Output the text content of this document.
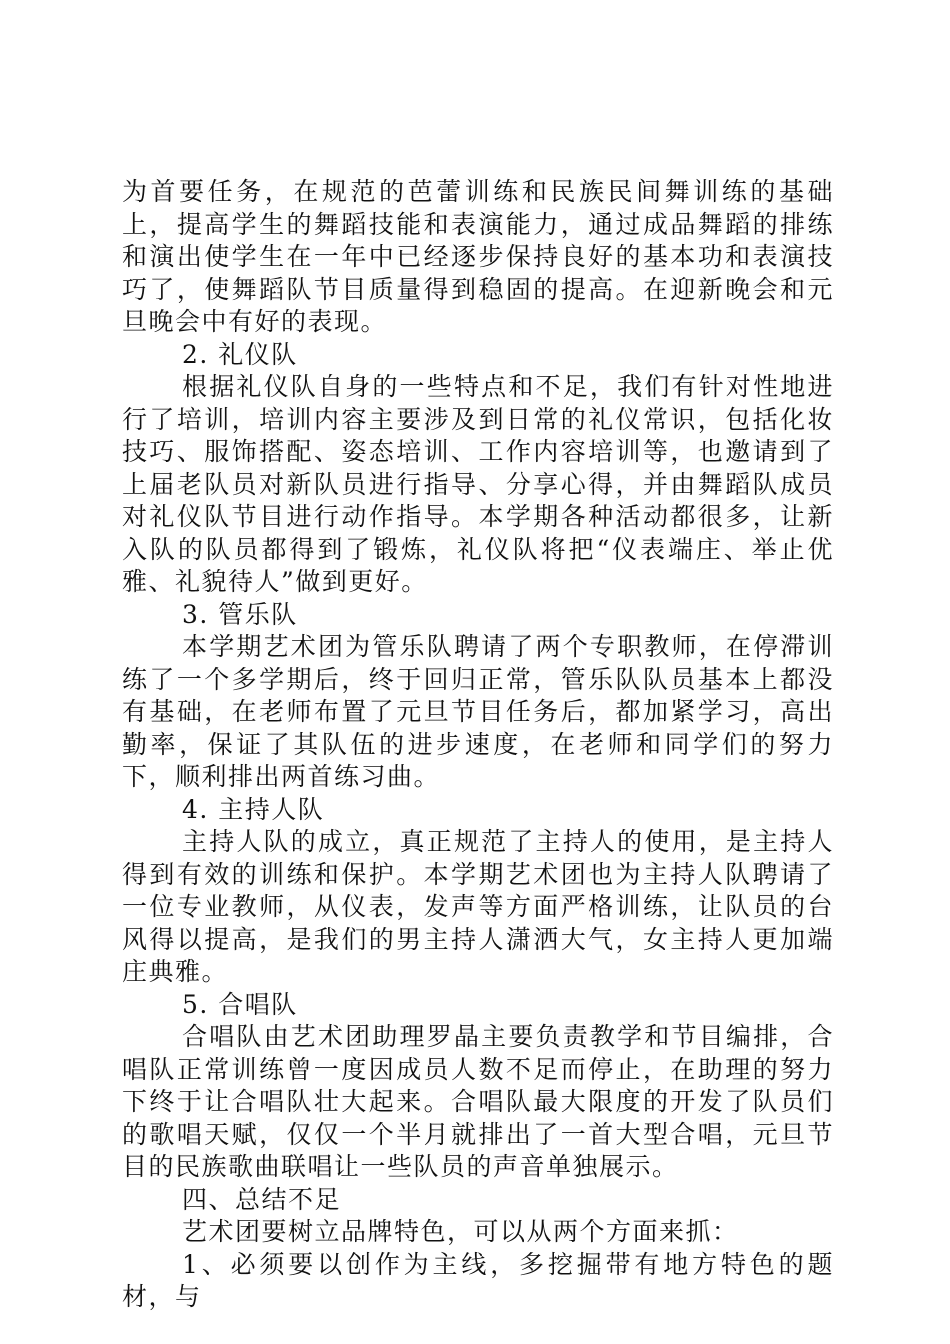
为首要任务，在规范的芭蕾训练和民族民间舞训练的基础上，提高学生的舞蹈技能和表演能力，通过成品舞蹈的排练和演出使学生在一年中已经逐步保持良好的基本功和表演技巧了，使舞蹈队节目质量得到稳固的提高。在迎新晚会和元旦晚会中有好的表现。

2. 礼仪队

根据礼仪队自身的一些特点和不足，我们有针对性地进行了培训，培训内容主要涉及到日常的礼仪常识，包括化妆技巧、服饰搭配、姿态培训、工作内容培训等，也邀请到了上届老队员对新队员进行指导、分享心得，并由舞蹈队成员对礼仪队节目进行动作指导。本学期各种活动都很多，让新入队的队员都得到了锻炼，礼仪队将把“仪表端庄、举止优雅、礼貌待人”做到更好。

3. 管乐队

本学期艺术团为管乐队聘请了两个专职教师，在停滞训练了一个多学期后，终于回归正常，管乐队队员基本上都没有基础，在老师布置了元旦节目任务后，都加紧学习，高出勤率，保证了其队伍的进步速度，在老师和同学们的努力下，顺利排出两首练习曲。

4. 主持人队

主持人队的成立，真正规范了主持人的使用，是主持人得到有效的训练和保护。本学期艺术团也为主持人队聘请了一位专业教师，从仪表，发声等方面严格训练，让队员的台风得以提高，是我们的男主持人潇洒大气，女主持人更加端庄典雅。

5. 合唱队

合唱队由艺术团助理罗晶主要负责教学和节目编排，合唱队正常训练曾一度因成员人数不足而停止，在助理的努力下终于让合唱队壮大起来。合唱队最大限度的开发了队员们的歌唱天赋，仅仅一个半月就排出了一首大型合唱，元旦节目的民族歌曲联唱让一些队员的声音单独展示。

四、总结不足

艺术团要树立品牌特色，可以从两个方面来抓：

1、必须要以创作为主线，多挖掘带有地方特色的题材，与
